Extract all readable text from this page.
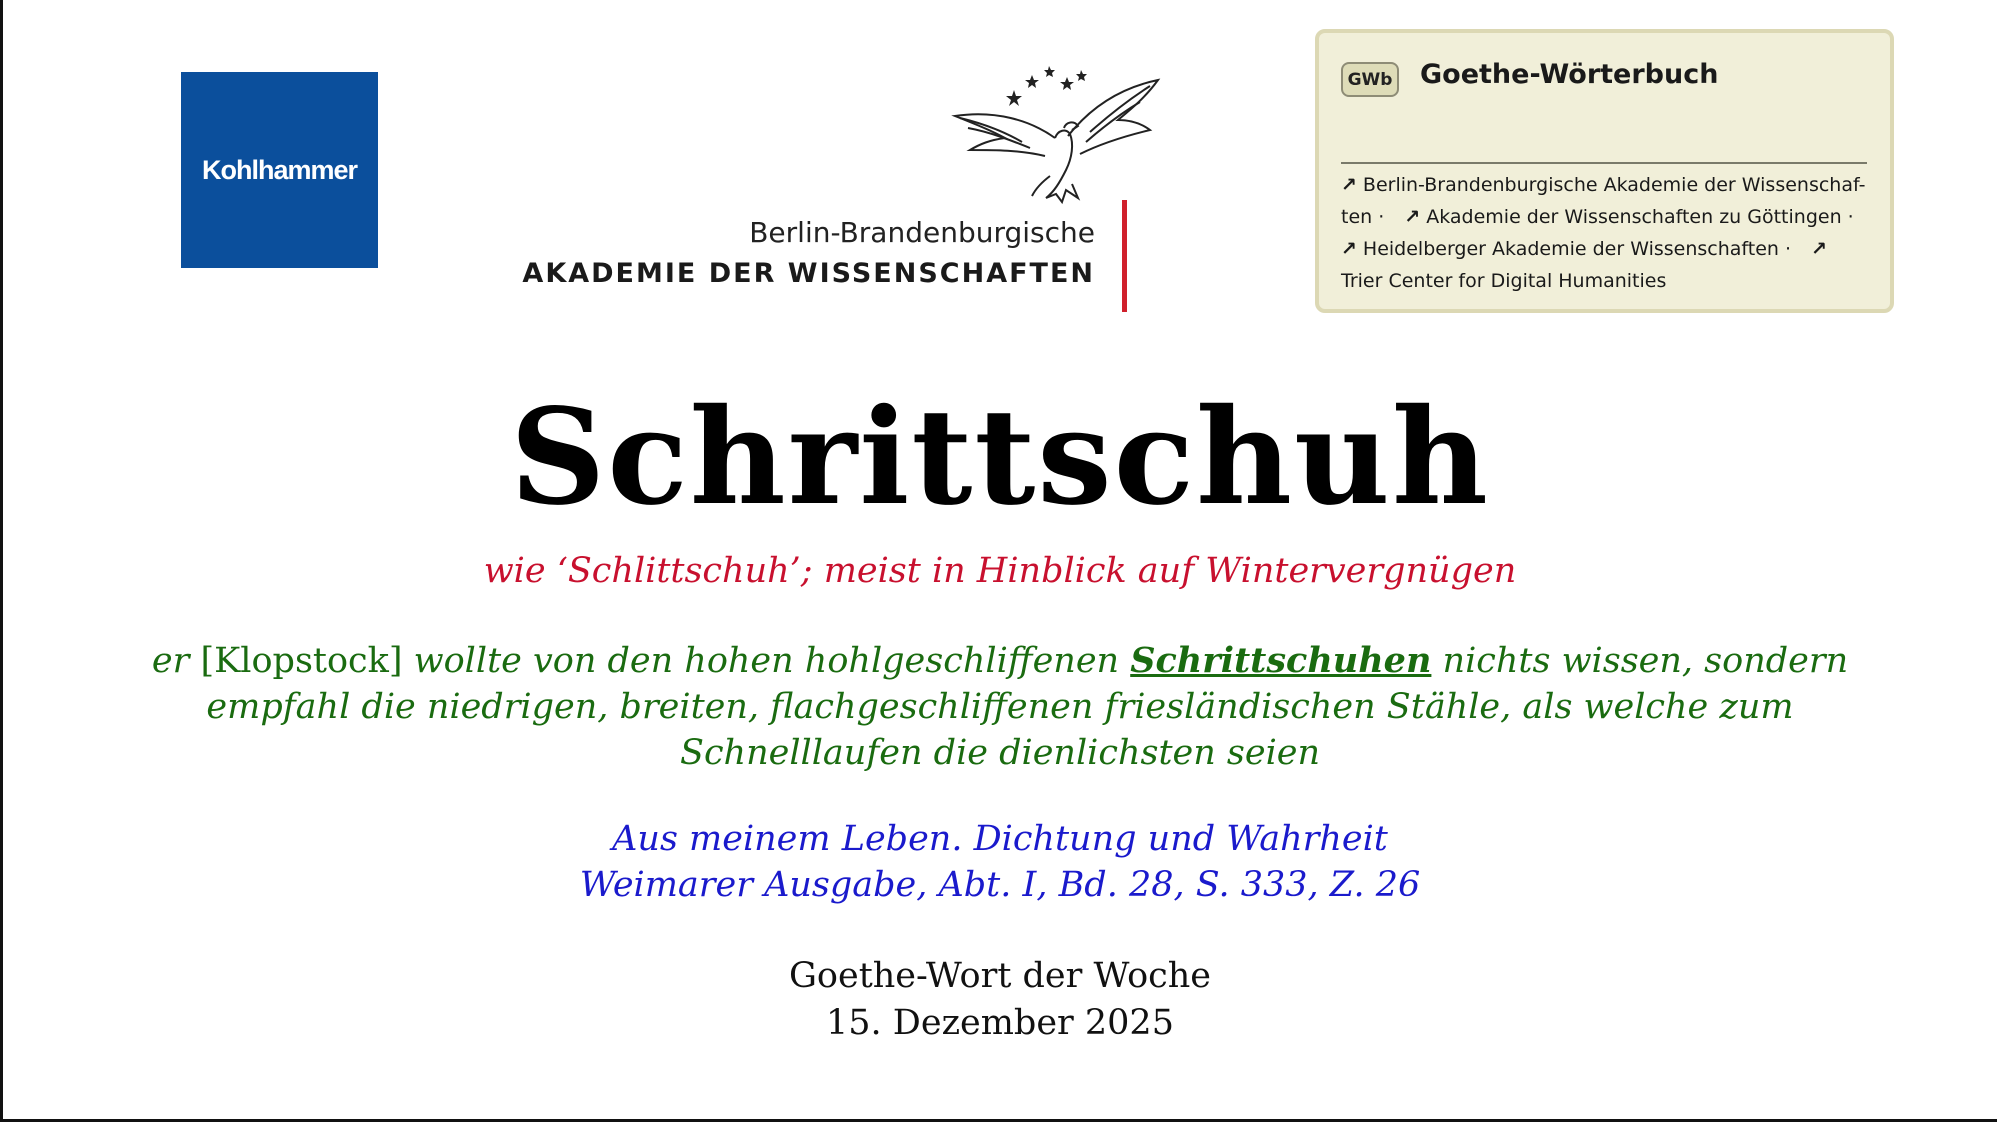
Kohlhammer
Berlin-Brandenburgische
AKADEMIE DER WISSENSCHAFTEN
GWb Goethe-Wörterbuch
↗ Berlin-Brandenburgische Akademie der Wissenschaf-
ten · ↗ Akademie der Wissenschaften zu Göttingen ·
↗ Heidelberger Akademie der Wissenschaften · ↗
Trier Center for Digital Humanities
Schrittschuh
wie ‘Schlittschuh’; meist in Hinblick auf Wintervergnügen
er [Klopstock] wollte von den hohen hohlgeschliffenen Schrittschuhen nichts wissen, sondern empfahl die niedrigen, breiten, flachgeschliffenen friesländischen Stähle, als welche zum Schnelllaufen die dienlichsten seien
Aus meinem Leben. Dichtung und Wahrheit
Weimarer Ausgabe, Abt. I, Bd. 28, S. 333, Z. 26
Goethe-Wort der Woche
15. Dezember 2025
